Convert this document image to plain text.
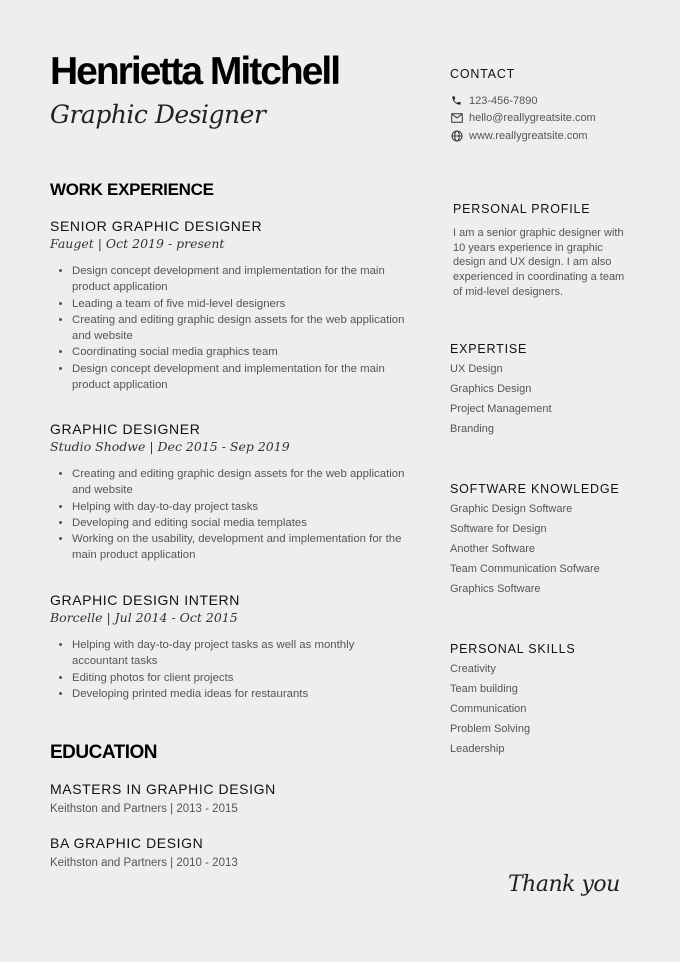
Henrietta Mitchell
Graphic Designer
WORK EXPERIENCE
SENIOR GRAPHIC DESIGNER
Fauget | Oct 2019 - present
• Design concept development and implementation for the main product application
• Leading a team of five mid-level designers
• Creating and editing graphic design assets for the web application and website
• Coordinating social media graphics team
• Design concept development and implementation for the main product application
GRAPHIC DESIGNER
Studio Shodwe | Dec 2015 - Sep 2019
• Creating and editing graphic design assets for the web application and website
• Helping with day-to-day project tasks
• Developing and editing social media templates
• Working on the usability, development and implementation for the main product application
GRAPHIC DESIGN INTERN
Borcelle | Jul 2014 - Oct 2015
• Helping with day-to-day project tasks as well as monthly accountant tasks
• Editing photos for client projects
• Developing printed media ideas for restaurants
EDUCATION
MASTERS IN GRAPHIC DESIGN
Keithston and Partners | 2013 - 2015
BA GRAPHIC DESIGN
Keithston and Partners | 2010 - 2013
CONTACT
123-456-7890
hello@reallygreatsite.com
www.reallygreatsite.com
PERSONAL PROFILE
I am a senior graphic designer with 10 years experience in graphic design and UX design. I am also experienced in coordinating a team of mid-level designers.
EXPERTISE
UX Design
Graphics Design
Project Management
Branding
SOFTWARE KNOWLEDGE
Graphic Design Software
Software for Design
Another Software
Team Communication Sofware
Graphics Software
PERSONAL SKILLS
Creativity
Team building
Communication
Problem Solving
Leadership
Thank you
